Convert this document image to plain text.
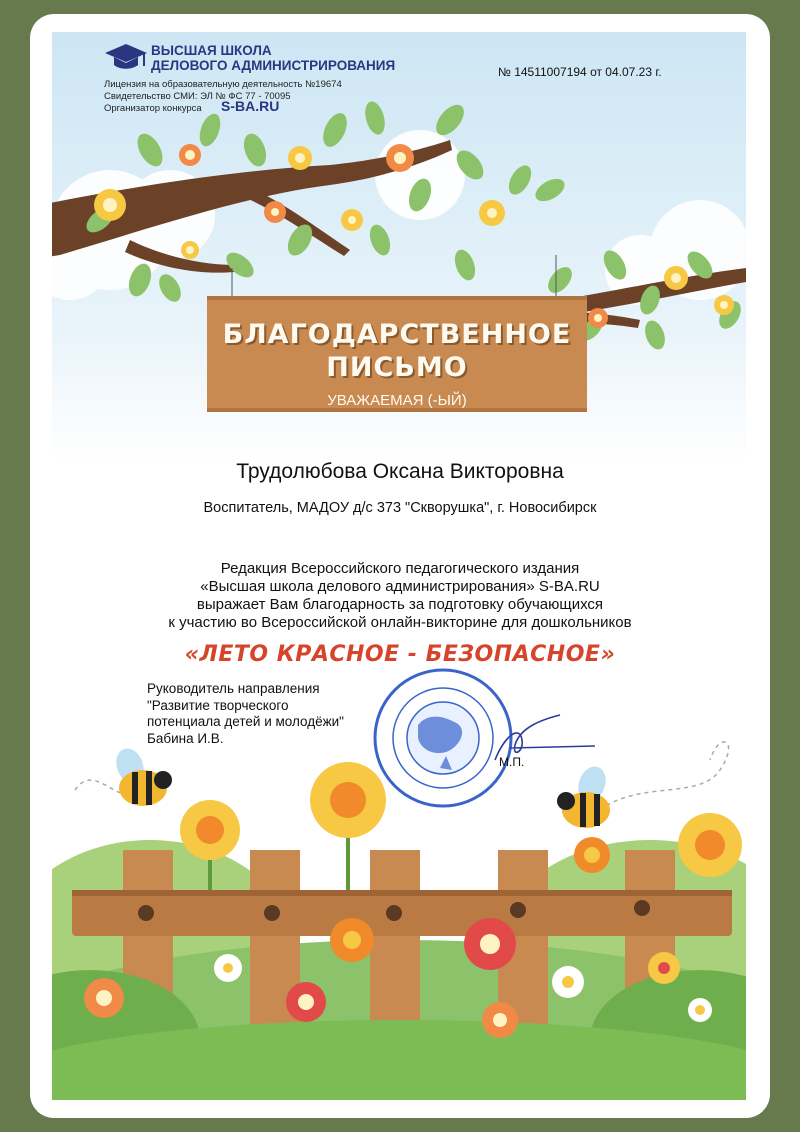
ВЫСШАЯ ШКОЛА
ДЕЛОВОГО АДМИНИСТРИРОВАНИЯ
Лицензия на образовательную деятельность №19674
Свидетельство СМИ: ЭЛ № ФС 77 - 70095
Организатор конкурса S-BA.RU
№ 14511007194 от 04.07.23 г.
БЛАГОДАРСТВЕННОЕ
ПИСЬМО
УВАЖАЕМАЯ (-ЫЙ)
Трудолюбова Оксана Викторовна
Воспитатель, МАДОУ д/с 373 "Скворушка", г. Новосибирск
Редакция Всероссийского педагогического издания
«Высшая школа делового администрирования» S-BA.RU
выражает Вам благодарность за подготовку обучающихся
к участию во Всероссийской онлайн-викторине для дошкольников
«ЛЕТО КРАСНОЕ - БЕЗОПАСНОЕ»
Руководитель направления
"Развитие творческого
потенциала детей и молодёжи"
Бабина И.В.
М.П.
